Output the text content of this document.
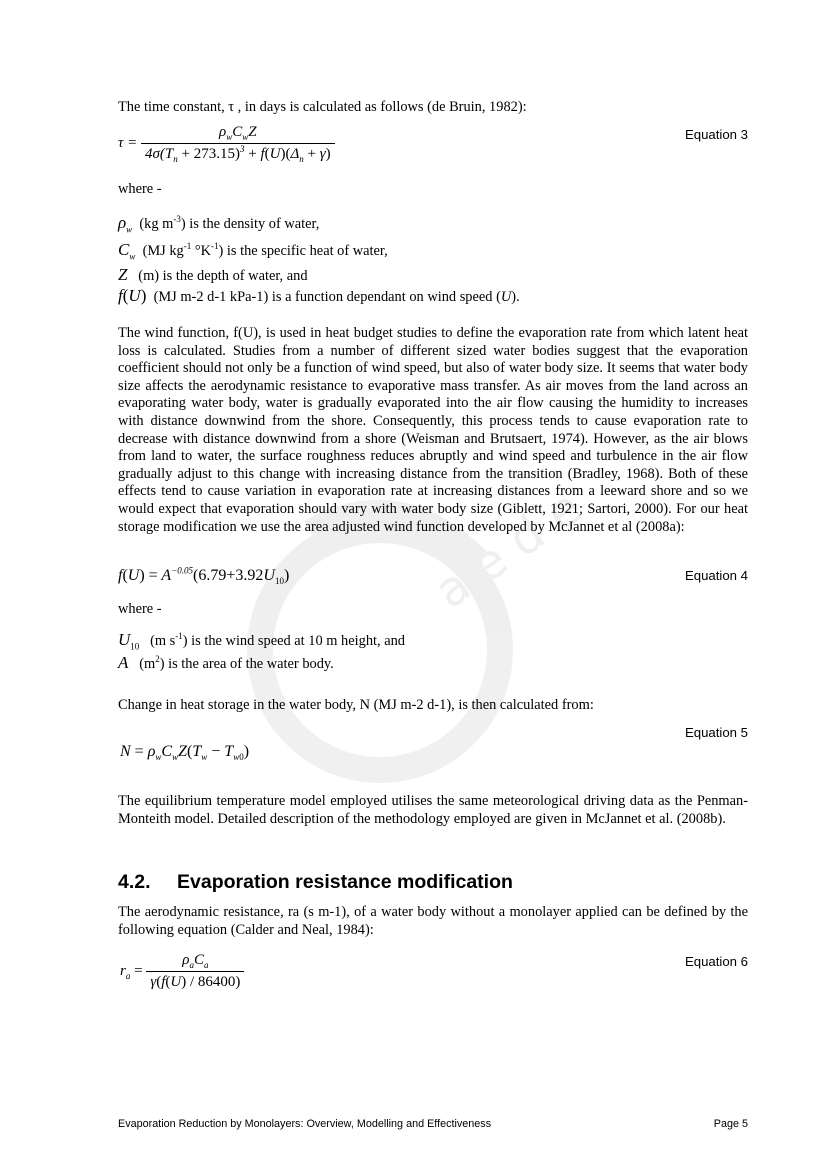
a e d e
The time constant, τ , in days is calculated as follows (de Bruin, 1982):
$\tau = \frac{\rho_wC_wZ}{4\sigma(T_n + 273.15)^3 + f(U)(\Delta_n + \gamma)}$	Equation 3
where -
$\rho_w$  (kg $m^{-3}$) is the density of water,
$C_w$  (MJ $kg^{-1}$ $^\circ K^{-1}$) is the specific heat of water,
Z   (m) is the depth of water, and
f(U)  (MJ m-2 d-1 kPa-1) is a function dependant on wind speed (U).
The wind function, f(U), is used in heat budget studies to define the evaporation rate from which latent heat loss is calculated. Studies from a number of different sized water bodies suggest that the evaporation coefficient should not only be a function of wind speed, but also of water body size. It seems that water body size affects the aerodynamic resistance to evaporative mass transfer. As air moves from the land across an evaporating water body, water is gradually evaporated into the air flow causing the humidity to increases with distance downwind from the shore. Consequently, this process tends to cause evaporation rate to decrease with distance downwind from a shore (Weisman and Brutsaert, 1974). However, as the air blows from land to water, the surface roughness reduces abruptly and wind speed and turbulence in the air flow gradually adjust to this change with increasing distance from the transition (Bradley, 1968). Both of these effects tend to cause variation in evaporation rate at increasing distances from a leeward shore and so we would expect that evaporation should vary with water body size (Giblett, 1921; Sartori, 2000). For our heat storage modification we use the area adjusted wind function developed by McJannet et al (2008a):
$f(U) = A^{-0.05}(6.79+3.92U_{10})$	Equation 4
where -
$U_{10}$   (m $s^{-1}$) is the wind speed at 10 m height, and
A   $(m^2)$ is the area of the water body.
Change in heat storage in the water body, N (MJ m-2 d-1), is then calculated from:
Equation 5
$N = \rho_wC_wZ(T_w - T_{w0})$
The equilibrium temperature model employed utilises the same meteorological driving data as the Penman-Monteith model. Detailed description of the methodology employed are given in McJannet et al. (2008b).
4.2. Evaporation resistance modification
The aerodynamic resistance, ra (s m-1), of a water body without a monolayer applied can be defined by the following equation (Calder and Neal, 1984):
$r_a = \frac{\rho_aC_a}{\gamma(f(U) / 86400)}$	Equation 6
Evaporation Reduction by Monolayers: Overview, Modelling and Effectiveness	Page 5
